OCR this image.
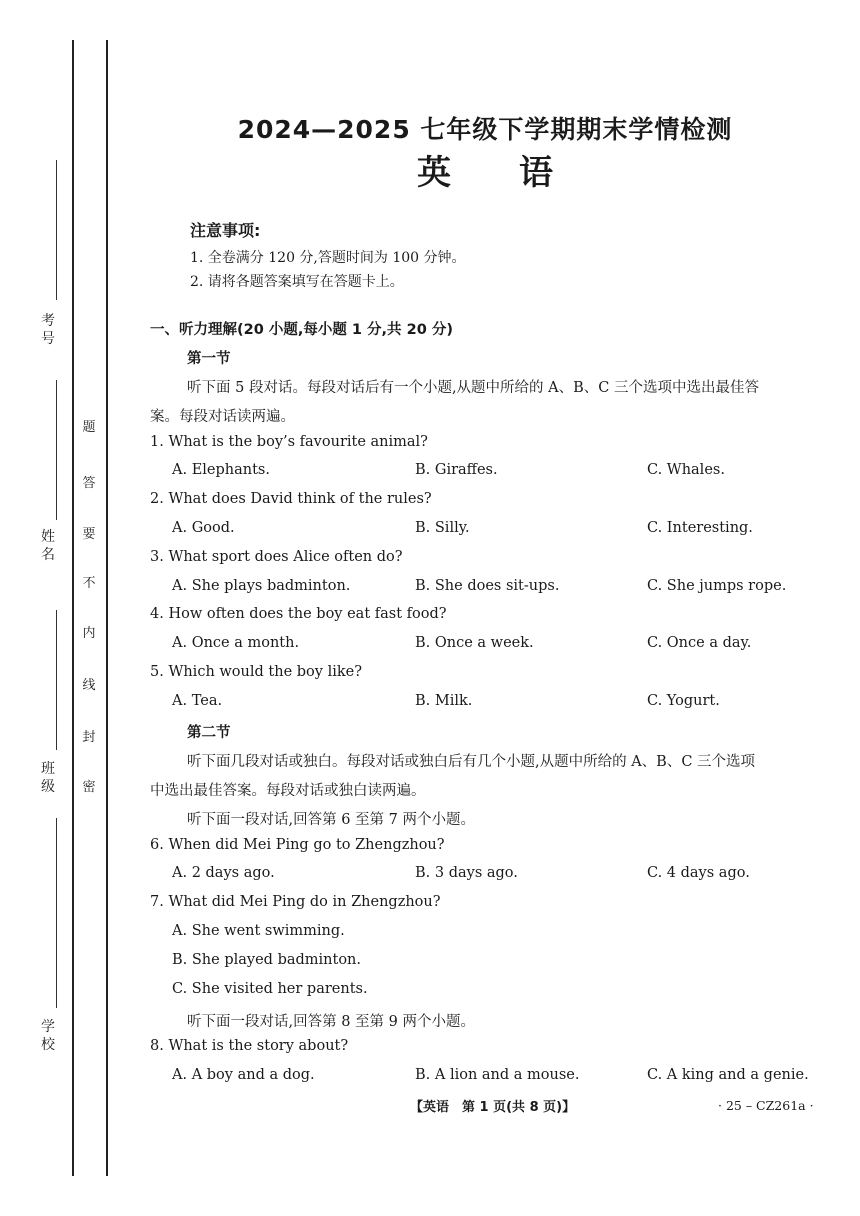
考
号
姓
名
班
级
学
校
题
答
要
不
内
线
封
密
2024—2025 七年级下学期期末学情检测
英语
注意事项:
1. 全卷满分 120 分,答题时间为 100 分钟。
2. 请将各题答案填写在答题卡上。
一、听力理解(20 小题,每小题 1 分,共 20 分)
第一节
听下面 5 段对话。每段对话后有一个小题,从题中所给的 A、B、C 三个选项中选出最佳答
案。每段对话读两遍。
1. What is the boy’s favourite animal?
A. Elephants.	B. Giraffes.	C. Whales.
2. What does David think of the rules?
A. Good.	B. Silly.	C. Interesting.
3. What sport does Alice often do?
A. She plays badminton.	B. She does sit-ups.	C. She jumps rope.
4. How often does the boy eat fast food?
A. Once a month.	B. Once a week.	C. Once a day.
5. Which would the boy like?
A. Tea.	B. Milk.	C. Yogurt.
第二节
听下面几段对话或独白。每段对话或独白后有几个小题,从题中所给的 A、B、C 三个选项
中选出最佳答案。每段对话或独白读两遍。
听下面一段对话,回答第 6 至第 7 两个小题。
6. When did Mei Ping go to Zhengzhou?
A. 2 days ago.	B. 3 days ago.	C. 4 days ago.
7. What did Mei Ping do in Zhengzhou?
A. She went swimming.
B. She played badminton.
C. She visited her parents.
听下面一段对话,回答第 8 至第 9 两个小题。
8. What is the story about?
A. A boy and a dog.	B. A lion and a mouse.	C. A king and a genie.
【英语　第 1 页(共 8 页)】	· 25 – CZ261a ·
